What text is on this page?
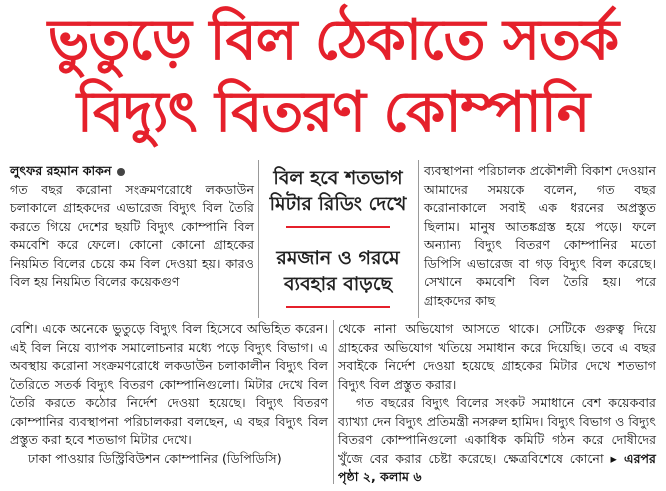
ভুতুড়ে বিল ঠেকাতে সতর্ক
বিদ্যুৎ বিতরণ কোম্পানি

লুৎফর রহমান কাকন

গত বছর করোনা সংক্রমণরোধে লকডাউন চলাকালে গ্রাহকদের এভারেজ বিদ্যুৎ বিল তৈরি করতে গিয়ে দেশের ছয়টি বিদ্যুৎ কোম্পানি বিল কমবেশি করে ফেলে। কোনো কোনো গ্রাহকের নিয়মিত বিলের চেয়ে কম বিল দেওয়া হয়। কারও বিল হয় নিয়মিত বিলের কয়েকগুণ

বিল হবে শতভাগ
মিটার রিডিং দেখে
রমজান ও গরমে
ব্যবহার বাড়ছে

ব্যবস্থাপনা পরিচালক প্রকৌশলী বিকাশ দেওয়ান আমাদের সময়কে বলেন, গত বছর করোনাকালে সবাই এক ধরনের অপ্রস্তুত ছিলাম। মানুষ আতঙ্কগ্রস্ত হয়ে পড়ে। ফলে অন্যান্য বিদ্যুৎ বিতরণ কোম্পানির মতো ডিপিসি এভারেজ বা গড় বিদ্যুৎ বিল করেছে। সেখানে কমবেশি বিল তৈরি হয়। পরে গ্রাহকদের কাছ

বেশি। একে অনেকে ভুতুড়ে বিদ্যুৎ বিল হিসেবে অভিহিত করেন। এই বিল নিয়ে ব্যাপক সমালোচনার মধ্যে পড়ে বিদ্যুৎ বিভাগ। এ অবস্থায় করোনা সংক্রমণরোধে লকডাউন চলাকালীন বিদ্যুৎ বিল তৈরিতে সতর্ক বিদ্যুৎ বিতরণ কোম্পানিগুলো। মিটার দেখে বিল তৈরি করতে কঠোর নির্দেশ দেওয়া হয়েছে। বিদ্যুৎ বিতরণ কোম্পানির ব্যবস্থাপনা পরিচালকরা বলছেন, এ বছর বিদ্যুৎ বিল প্রস্তুত করা হবে শতভাগ মিটার দেখে।

ঢাকা পাওয়ার ডিস্ট্রিবিউশন কোম্পানির (ডিপিডিসি)

থেকে নানা অভিযোগ আসতে থাকে। সেটিকে গুরুত্ব দিয়ে গ্রাহকের অভিযোগ খতিয়ে সমাধান করে দিয়েছি। তবে এ বছর সবাইকে নির্দেশ দেওয়া হয়েছে গ্রাহকের মিটার দেখে শতভাগ বিদ্যুৎ বিল প্রস্তুত করার।

গত বছরের বিদ্যুৎ বিলের সংকট সমাধানে বেশ কয়েকবার ব্যাখ্যা দেন বিদ্যুৎ প্রতিমন্ত্রী নসরুল হামিদ। বিদ্যুৎ বিভাগ ও বিদ্যুৎ বিতরণ কোম্পানিগুলো একাধিক কমিটি গঠন করে দোষীদের খুঁজে বের করার চেষ্টা করেছে। ক্ষেত্রবিশেষে কোনো ▸ এরপর পৃষ্ঠা ২, কলাম ৬
